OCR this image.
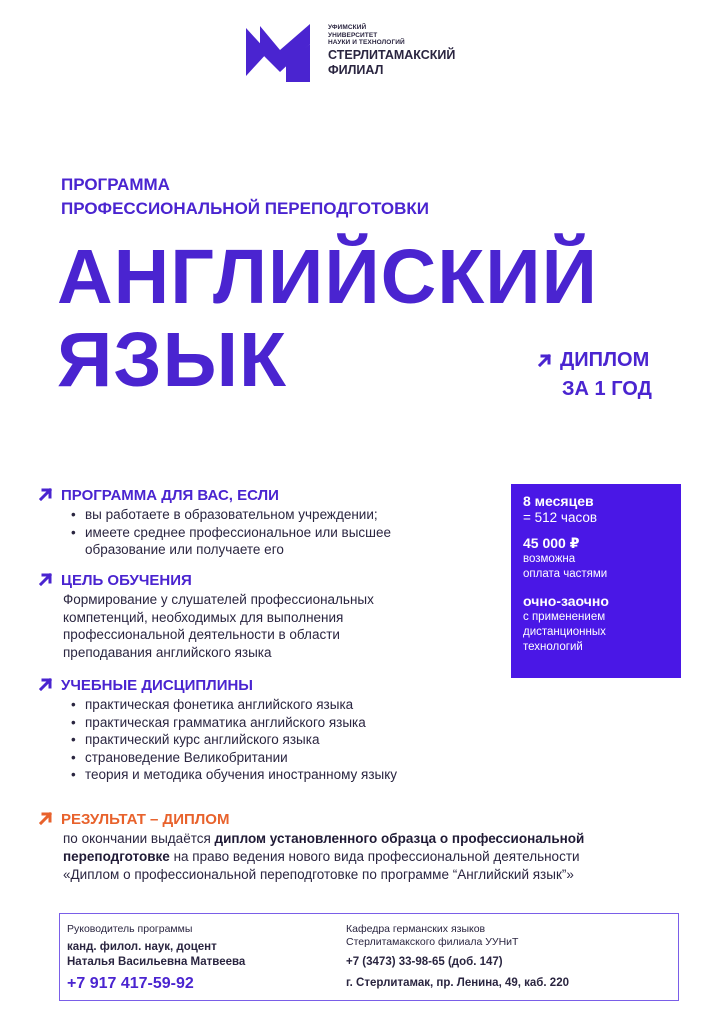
УФИМСКИЙ
УНИВЕРСИТЕТ
НАУКИ И ТЕХНОЛОГИЙ
СТЕРЛИТАМАКСКИЙ
ФИЛИАЛ
ПРОГРАММА
ПРОФЕССИОНАЛЬНОЙ ПЕРЕПОДГОТОВКИ
АНГЛИЙСКИЙ
ЯЗЫК	ДИПЛОМ
ЗА 1 ГОД
ПРОГРАММА ДЛЯ ВАС, ЕСЛИ
• вы работаете в образовательном учреждении;
• имеете среднее профессиональное или высшее
образование или получаете его
ЦЕЛЬ ОБУЧЕНИЯ
Формирование у слушателей профессиональных
компетенций, необходимых для выполнения
профессиональной деятельности в области
преподавания английского языка
УЧЕБНЫЕ ДИСЦИПЛИНЫ
• практическая фонетика английского языка
• практическая грамматика английского языка
• практический курс английского языка
• страноведение Великобритании
• теория и методика обучения иностранному языку
8 месяцев
= 512 часов
45 000 ₽
возможна
оплата частями
очно-заочно
с применением
дистанционных
технологий
РЕЗУЛЬТАТ – ДИПЛОМ
по окончании выдаётся диплом установленного образца о профессиональной
переподготовке на право ведения нового вида профессиональной деятельности
«Диплом о профессиональной переподготовке по программе “Английский язык”»
Руководитель программы
канд. филол. наук, доцент
Наталья Васильевна Матвеева
+7 917 417-59-92
Кафедра германских языков
Стерлитамакского филиала УУНиТ
+7 (3473) 33-98-65 (доб. 147)
г. Стерлитамак, пр. Ленина, 49, каб. 220
